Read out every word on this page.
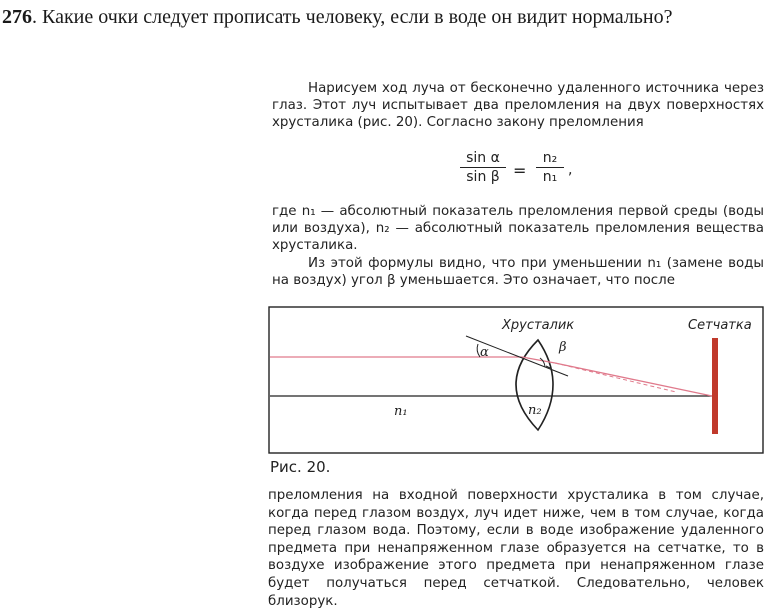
276. Какие очки следует прописать человеку, если в воде он видит нормально?

Нарисуем ход луча от бесконечно удаленного источника через глаз. Этот луч испытывает два преломления на двух поверхностях хрусталика (рис. 20). Согласно закону преломления

$\frac{\text{sin α}}{\text{sin β}} = \frac{\text{n₂}}{\text{n₁}}$ ,

где n₁ — абсолютный показатель преломления первой среды (воды или воздуха), n₂ — абсолютный показатель преломления вещества хрусталика.

Из этой формулы видно, что при уменьшении n₁ (замене воды на воздух) угол β уменьшается. Это означает, что после

Хрусталик	Сетчатка
α	β
n₁	n₂

Рис. 20.

преломления на входной поверхности хрусталика в том случае, когда перед глазом воздух, луч идет ниже, чем в том случае, когда перед глазом вода. Поэтому, если в воде изображение удаленного предмета при ненапряженном глазе образуется на сетчатке, то в воздухе изображение этого предмета при ненапряженном глазе будет получаться перед сетчаткой. Следовательно, человек близорук.
